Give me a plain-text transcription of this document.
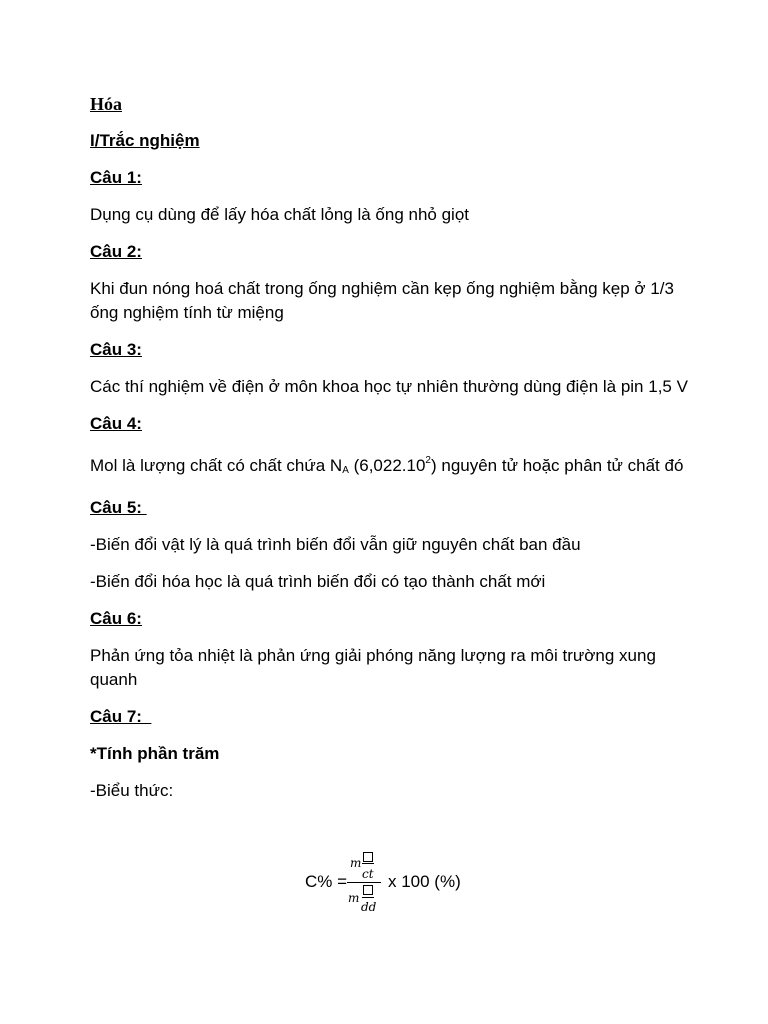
Hóa
I/Trắc nghiệm
Câu 1:
Dụng cụ dùng để lấy hóa chất lỏng là ống nhỏ giọt
Câu 2:
Khi đun nóng hoá chất trong ống nghiệm cần kẹp ống nghiệm bằng kẹp ở 1/3 ống nghiệm tính từ miệng
Câu 3:
Các thí nghiệm về điện ở môn khoa học tự nhiên thường dùng điện là pin 1,5 V
Câu 4:
Mol là lượng chất có chất chứa $N_A$ (6,022.10$^2$) nguyên tử hoặc phân tử chất đó
Câu 5:
-Biến đổi vật lý là quá trình biến đổi vẫn giữ nguyên chất ban đầu
-Biến đổi hóa học là quá trình biến đổi có tạo thành chất mới
Câu 6:
Phản ứng tỏa nhiệt là phản ứng giải phóng năng lượng ra môi trường xung quanh
Câu 7:
*Tính phần trăm
-Biểu thức:
C% =
m
ct
m
dd
x 100 (%)
